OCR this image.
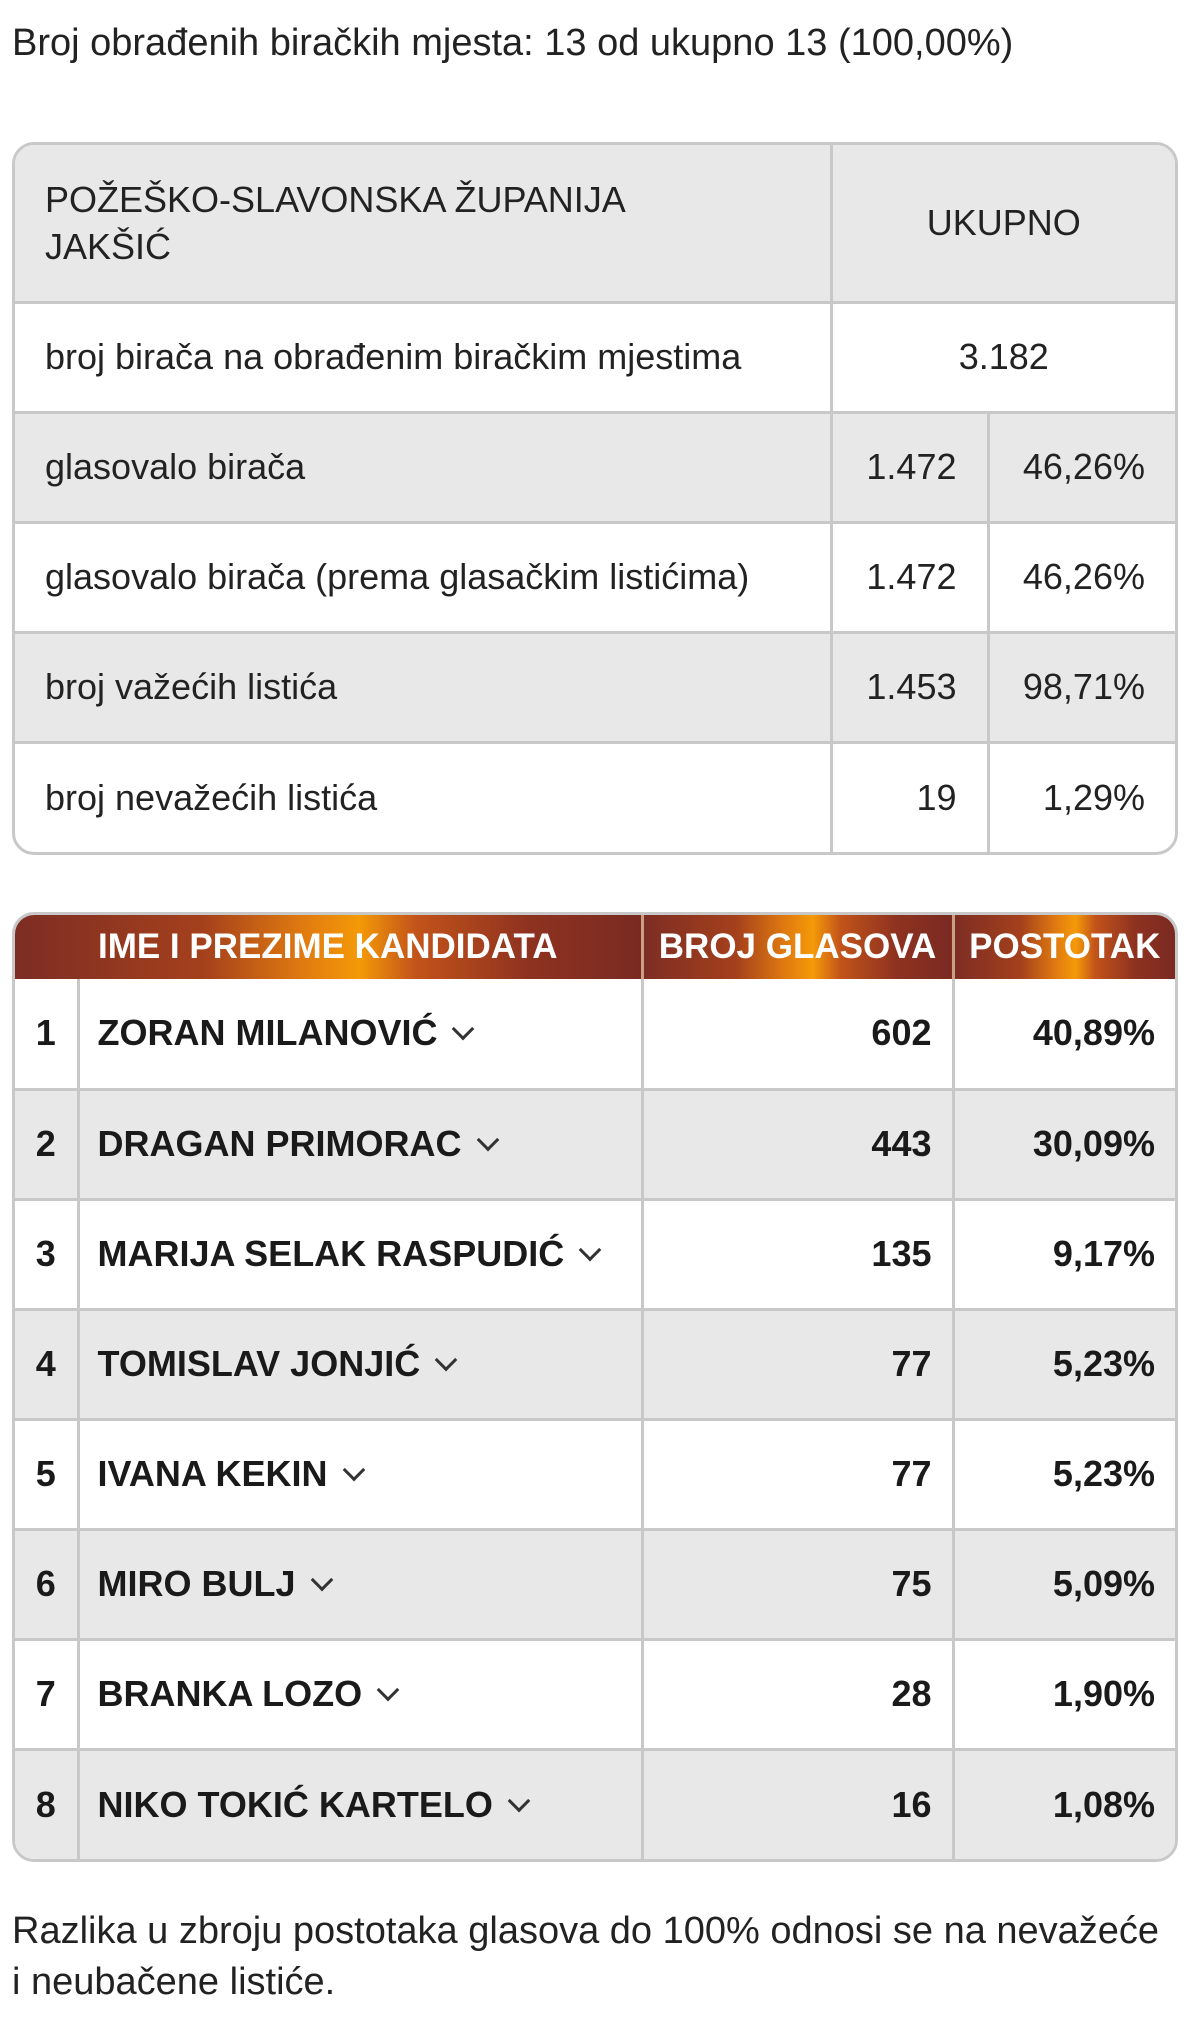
Broj obrađenih biračkih mjesta: 13 od ukupno 13 (100,00%)
POŽEŠKO-SLAVONSKA ŽUPANIJA
JAKŠIĆ	UKUPNO	
broj birača na obrađenim biračkim mjestima	3.182	
glasovalo birača	1.472	46,26%
glasovalo birača (prema glasačkim listićima)	1.472	46,26%
broj važećih listića	1.453	98,71%
broj nevažećih listića	19	1,29%
IME I PREZIME KANDIDATA		BROJ GLASOVA	POSTOTAK
1	ZORAN MILANOVIĆ	602	40,89%
2	DRAGAN PRIMORAC	443	30,09%
3	MARIJA SELAK RASPUDIĆ	135	9,17%
4	TOMISLAV JONJIĆ	77	5,23%
5	IVANA KEKIN	77	5,23%
6	MIRO BULJ	75	5,09%
7	BRANKA LOZO	28	1,90%
8	NIKO TOKIĆ KARTELO	16	1,08%
Razlika u zbroju postotaka glasova do 100% odnosi se na nevažeće i neubačene listiće.
